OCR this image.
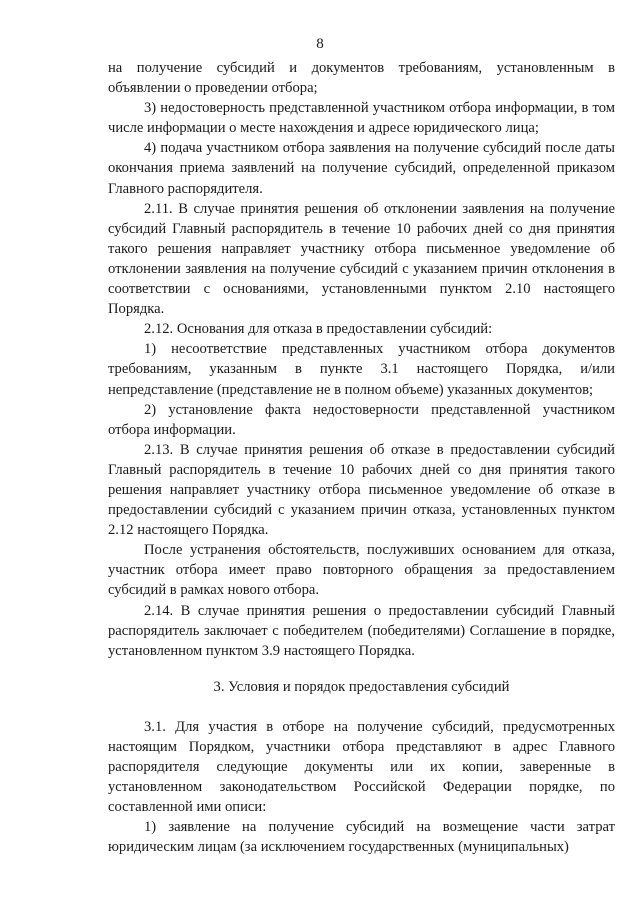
8

на получение субсидий и документов требованиям, установленным в объявлении о проведении отбора;

3) недостоверность представленной участником отбора информации, в том числе информации о месте нахождения и адресе юридического лица;

4) подача участником отбора заявления на получение субсидий после даты окончания приема заявлений на получение субсидий, определенной приказом Главного распорядителя.

2.11. В случае принятия решения об отклонении заявления на получение субсидий Главный распорядитель в течение 10 рабочих дней со дня принятия такого решения направляет участнику отбора письменное уведомление об отклонении заявления на получение субсидий с указанием причин отклонения в соответствии с основаниями, установленными пунктом 2.10 настоящего Порядка.

2.12. Основания для отказа в предоставлении субсидий:

1) несоответствие представленных участником отбора документов требованиям, указанным в пункте 3.1 настоящего Порядка, и/или непредставление (представление не в полном объеме) указанных документов;

2) установление факта недостоверности представленной участником отбора информации.

2.13. В случае принятия решения об отказе в предоставлении субсидий Главный распорядитель в течение 10 рабочих дней со дня принятия такого решения направляет участнику отбора письменное уведомление об отказе в предоставлении субсидий с указанием причин отказа, установленных пунктом 2.12 настоящего Порядка.

После устранения обстоятельств, послуживших основанием для отказа, участник отбора имеет право повторного обращения за предоставлением субсидий в рамках нового отбора.

2.14. В случае принятия решения о предоставлении субсидий Главный распорядитель заключает с победителем (победителями) Соглашение в порядке, установленном пунктом 3.9 настоящего Порядка.

3. Условия и порядок предоставления субсидий

3.1. Для участия в отборе на получение субсидий, предусмотренных настоящим Порядком, участники отбора представляют в адрес Главного распорядителя следующие документы или их копии, заверенные в установленном законодательством Российской Федерации порядке, по составленной ими описи:

1) заявление на получение субсидий на возмещение части затрат юридическим лицам (за исключением государственных (муниципальных)
